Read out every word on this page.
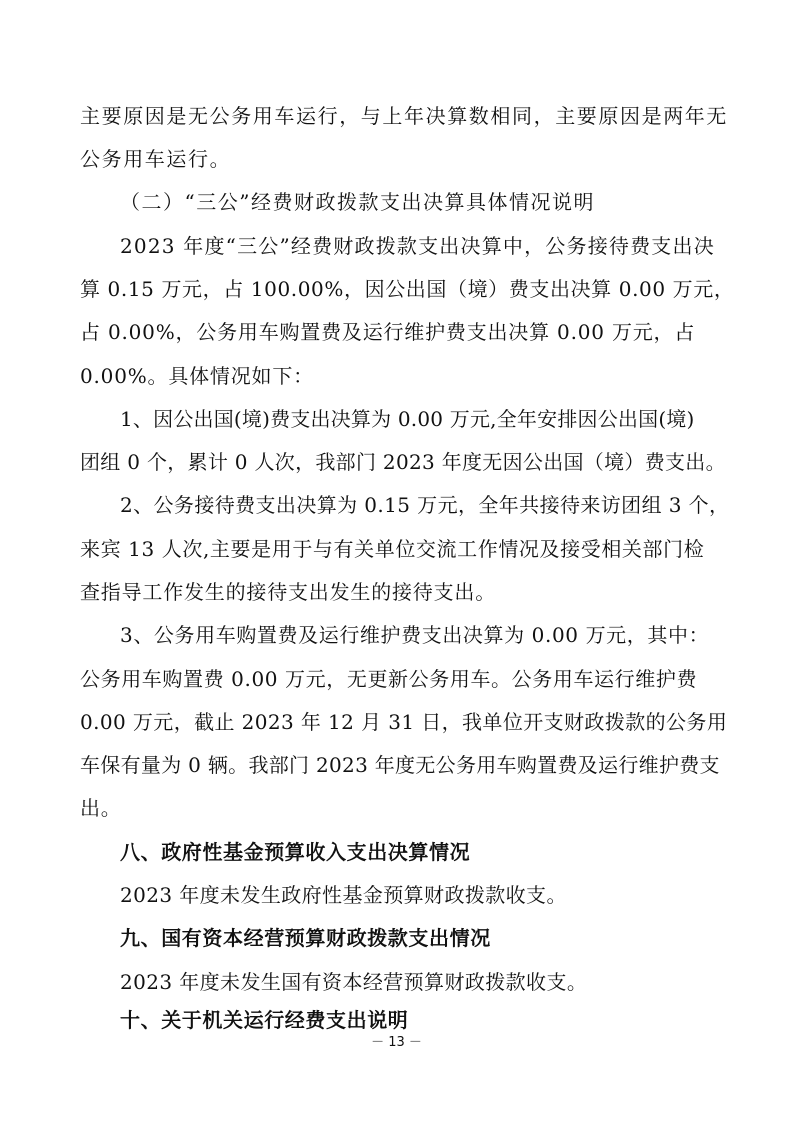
主要原因是无公务用车运行，与上年决算数相同，主要原因是两年无

公务用车运行。

（二）“三公”经费财政拨款支出决算具体情况说明

2023 年度“三公”经费财政拨款支出决算中，公务接待费支出决

算 0.15 万元，占 100.00%，因公出国（境）费支出决算 0.00 万元，

占 0.00%，公务用车购置费及运行维护费支出决算 0.00 万元，占

0.00%。具体情况如下：

1、因公出国(境)费支出决算为 0.00 万元,全年安排因公出国(境)

团组 0 个，累计 0 人次，我部门 2023 年度无因公出国（境）费支出。

2、公务接待费支出决算为 0.15 万元，全年共接待来访团组 3 个，

来宾 13 人次,主要是用于与有关单位交流工作情况及接受相关部门检

查指导工作发生的接待支出发生的接待支出。

3、公务用车购置费及运行维护费支出决算为 0.00 万元，其中：

公务用车购置费 0.00 万元，无更新公务用车。公务用车运行维护费

0.00 万元，截止 2023 年 12 月 31 日，我单位开支财政拨款的公务用

车保有量为 0 辆。我部门 2023 年度无公务用车购置费及运行维护费支

出。

八、政府性基金预算收入支出决算情况

2023 年度未发生政府性基金预算财政拨款收支。

九、国有资本经营预算财政拨款支出情况

2023 年度未发生国有资本经营预算财政拨款收支。

十、关于机关运行经费支出说明

－ 13 －
